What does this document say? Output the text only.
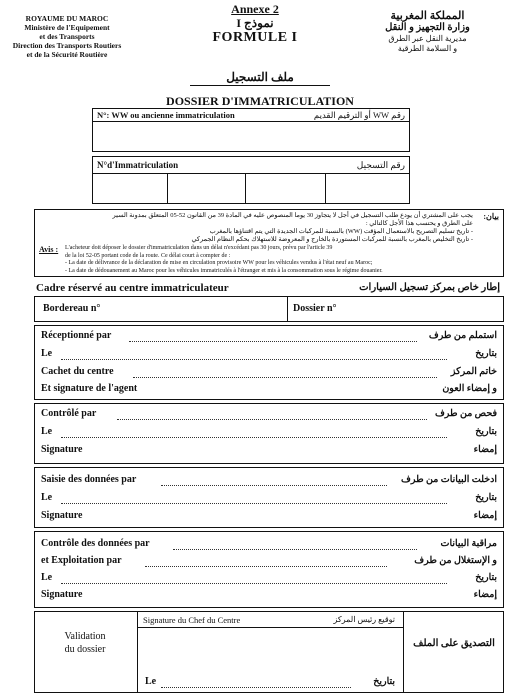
ROYAUME DU MAROC
Ministère de l'Equipement
et des Transports
Direction des Transports Routiers
et de la Sécurité Routière
Annexe 2
نموذج I
FORMULE I
المملكة المغربية
وزارة التجهيز و النقل
مديرية النقل عبر الطرق
و السلامة الطرقية
ملف التسجيل
DOSSIER D'IMMATRICULATION
N°: WW ou ancienne immatriculation	رقم WW أو الترقيم القديم
N°d'Immatriculation	رقم التسجيل
بيان:
يجب على المشتري أن يودع طلب التسجيل في أجل لا يتجاوز 30 يوما المنصوص عليه في المادة 39 من القانون 52-05 المتعلق بمدونة السير
على الطرق و يحتسب هذا الأجل كالتالي :
- تاريخ تسليم التصريح بالاستعمال المؤقت (WW) بالنسبة للمركبات الجديدة التي يتم اقتناؤها بالمغرب
- تاريخ التخليص بالمغرب بالنسبة للمركبات المستوردة بالخارج و المعروضة للاستهلاك بحكم النظام الجمركي
Avis : L'acheteur doit déposer le dossier d'immatriculation dans un délai n'excédant pas 30 jours, prévu par l'article 39
de la loi 52-05 portant code de la route. Ce délai court à compter de :
- La date de délivrance de la déclaration de mise en circulation provisoire WW pour les véhicules vendus à l'état neuf au Maroc;
- La date de dédouanement au Maroc pour les véhicules immatriculés à l'étranger et mis à la consommation sous le régime douanier.
Cadre réservé au centre immatriculateur	إطار خاص بمركز تسجيل السيارات
Bordereau n°	Dossier n°
Réceptionné par	استملم من طرف
Le	بتاريخ
Cachet du centre	خاتم المركز
Et signature de l'agent	و إمضاء العون
Contrôlé par	فحص من طرف
Le	بتاريخ
Signature	إمضاء
Saisie des données par	ادخلت البيانات من طرف
Le	بتاريخ
Signature	إمضاء
Contrôle des données par	مراقبة البيانات
et Exploitation par	و الإستغلال من طرف
Le	بتاريخ
Signature	إمضاء
Validation
du dossier
Signature du Chef du Centre	توقيع رئيس المركز
Le	بتاريخ
التصديق على الملف
